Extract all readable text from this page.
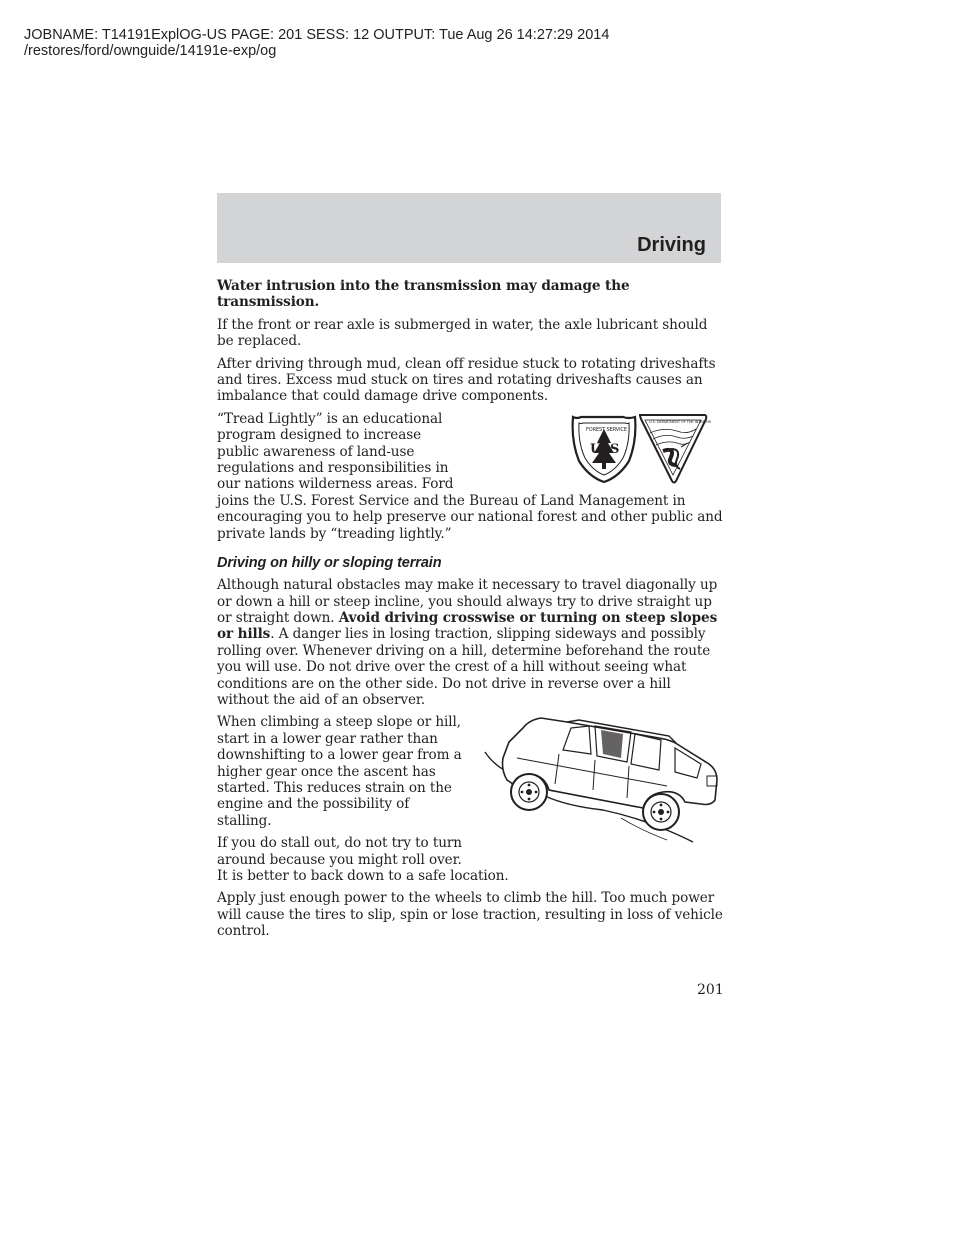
JOBNAME: T14191ExplOG-US PAGE: 201 SESS: 12 OUTPUT: Tue Aug 26 14:27:29 2014
/restores/ford/ownguide/14191e-exp/og
Driving

Water intrusion into the transmission may damage the transmission.

If the front or rear axle is submerged in water, the axle lubricant should be replaced.

After driving through mud, clean off residue stuck to rotating driveshafts and tires. Excess mud stuck on tires and rotating driveshafts causes an imbalance that could damage drive components.

U S
FOREST SERVICE
U.S. DEPARTMENT OF THE INTERIOR

“Tread Lightly” is an educational program designed to increase public awareness of land-use regulations and responsibilities in our nations wilderness areas. Ford joins the U.S. Forest Service and the Bureau of Land Management in encouraging you to help preserve our national forest and other public and private lands by “treading lightly.”

Driving on hilly or sloping terrain

Although natural obstacles may make it necessary to travel diagonally up or down a hill or steep incline, you should always try to drive straight up or straight down. Avoid driving crosswise or turning on steep slopes or hills. A danger lies in losing traction, slipping sideways and possibly rolling over. Whenever driving on a hill, determine beforehand the route you will use. Do not drive over the crest of a hill without seeing what conditions are on the other side. Do not drive in reverse over a hill without the aid of an observer.

When climbing a steep slope or hill, start in a lower gear rather than downshifting to a lower gear from a higher gear once the ascent has started. This reduces strain on the engine and the possibility of stalling.

If you do stall out, do not try to turn around because you might roll over. It is better to back down to a safe location.

Apply just enough power to the wheels to climb the hill. Too much power will cause the tires to slip, spin or lose traction, resulting in loss of vehicle control.

201
